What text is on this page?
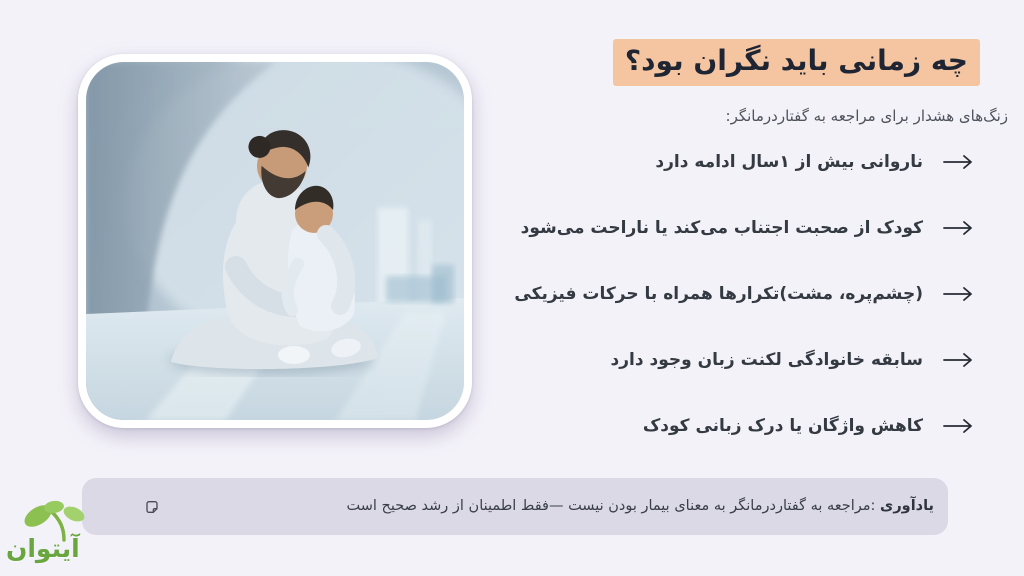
چه زمانی باید نگران بود؟
زنگ‌های هشدار برای مراجعه به گفتاردرمانگر:
ناروانی بیش از ۱سال ادامه دارد
کودک از صحبت اجتناب می‌کند یا ناراحت می‌شود
(چشم‌پره، مشت)تکرارها همراه با حرکات فیزیکی
سابقه خانوادگی لکنت زبان وجود دارد
کاهش واژگان یا درک زبانی کودک
یادآوری :مراجعه به گفتاردرمانگر به معنای بیمار بودن نیست —فقط اطمینان از رشد صحیح است
آیتوان
